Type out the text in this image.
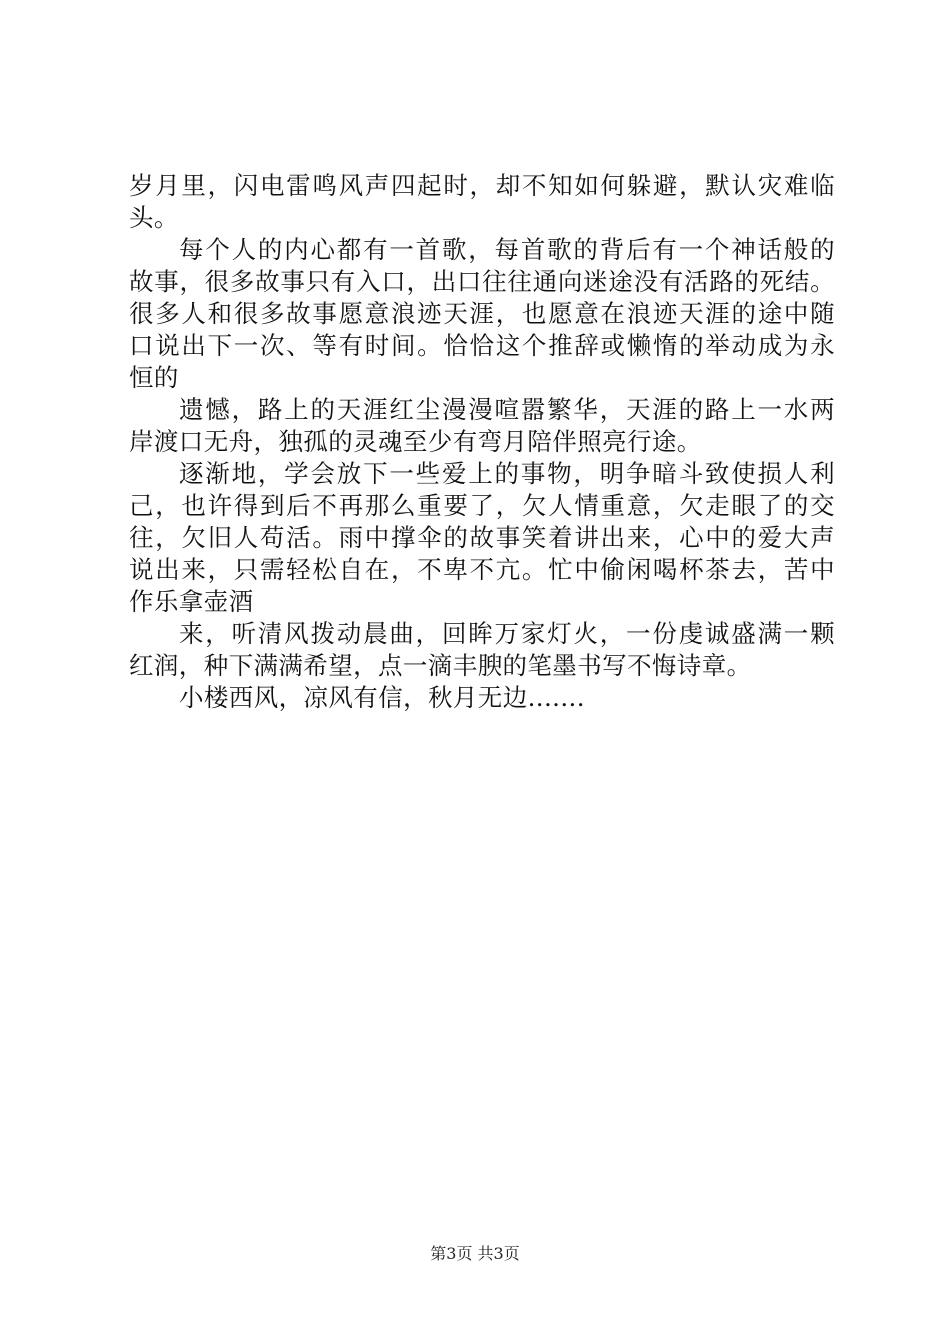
岁月里，闪电雷鸣风声四起时，却不知如何躲避，默认灾难临
头。
每个人的内心都有一首歌，每首歌的背后有一个神话般的
故事，很多故事只有入口，出口往往通向迷途没有活路的死结。
很多人和很多故事愿意浪迹天涯，也愿意在浪迹天涯的途中随
口说出下一次、等有时间。恰恰这个推辞或懒惰的举动成为永
恒的
遗憾，路上的天涯红尘漫漫喧嚣繁华，天涯的路上一水两
岸渡口无舟，独孤的灵魂至少有弯月陪伴照亮行途。
逐渐地，学会放下一些爱上的事物，明争暗斗致使损人利
己，也许得到后不再那么重要了，欠人情重意，欠走眼了的交
往，欠旧人苟活。雨中撑伞的故事笑着讲出来，心中的爱大声
说出来，只需轻松自在，不卑不亢。忙中偷闲喝杯茶去，苦中
作乐拿壶酒
来，听清风拨动晨曲，回眸万家灯火，一份虔诚盛满一颗
红润，种下满满希望，点一滴丰腴的笔墨书写不悔诗章。
小楼西风，凉风有信，秋月无边.......
第3页 共3页
